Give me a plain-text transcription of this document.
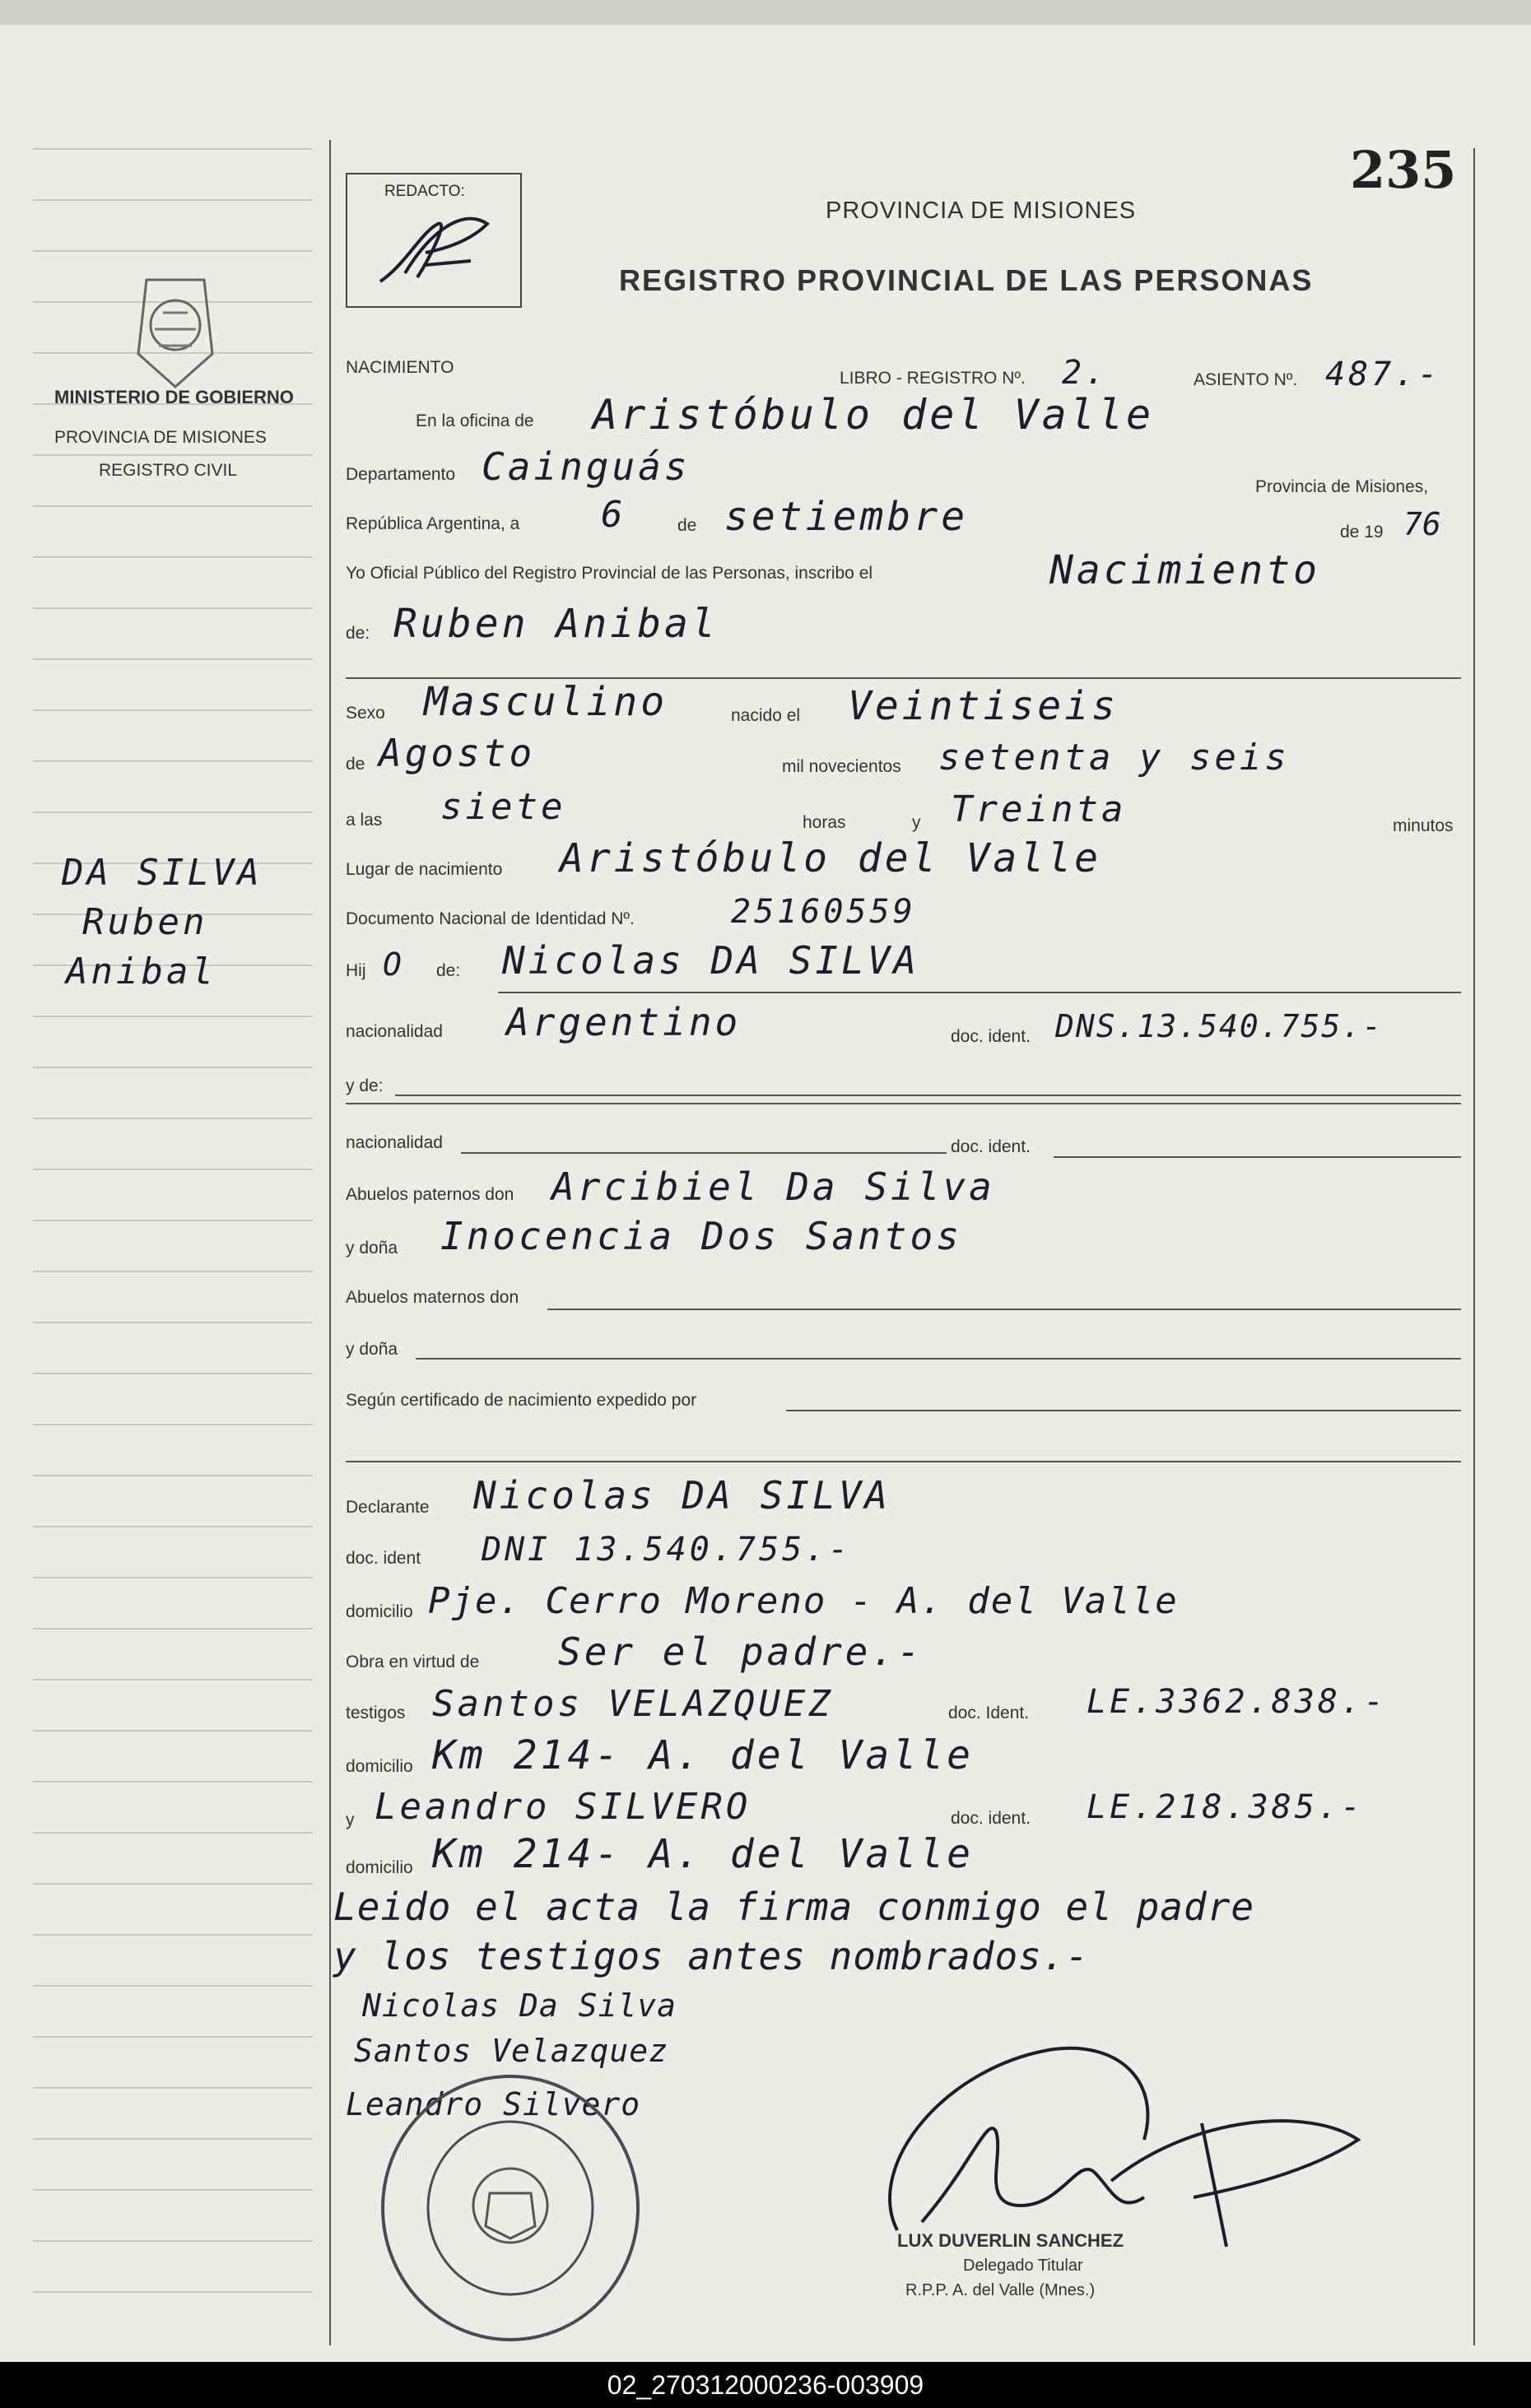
235
REDACTO:
PROVINCIA DE MISIONES
REGISTRO PROVINCIAL DE LAS PERSONAS
MINISTERIO DE GOBIERNO
PROVINCIA DE MISIONES
REGISTRO CIVIL
DA SILVA
Ruben
Anibal
NACIMIENTO
LIBRO - REGISTRO Nº. 2.	ASIENTO Nº. 487.-
En la oficina de Aristóbulo del Valle
Departamento Cainguás	Provincia de Misiones,
República Argentina, a 6	de setiembre	de 19 76
Yo Oficial Público del Registro Provincial de las Personas, inscribo el	Nacimiento
de: Ruben Anibal
Sexo Masculino	nacido el Veintiseis
de Agosto	mil novecientos setenta y seis
a las siete	horas	y Treinta	minutos
Lugar de nacimiento Aristóbulo del Valle
Documento Nacional de Identidad Nº.	25160559
Hij O de: Nicolas DA SILVA
nacionalidad Argentino	doc. ident. DNS.13.540.755.-
y de:
nacionalidad	doc. ident.
Abuelos paternos don Arcibiel Da Silva
y doña Inocencia Dos Santos
Abuelos maternos don
y doña
Según certificado de nacimiento expedido por
Declarante Nicolas DA SILVA
doc. ident DNI 13.540.755.-
domicilio Pje. Cerro Moreno - A. del Valle
Obra en virtud de Ser el padre.-
testigos Santos VELAZQUEZ	doc. Ident. LE.3362.838.-
domicilio Km 214- A. del Valle
y Leandro SILVERO	doc. ident. LE.218.385.-
domicilio Km 214- A. del Valle
Leido el acta la firma conmigo el padre
y los testigos antes nombrados.-
Nicolas Da Silva
Santos Velazquez
Leandro Silvero
LUX DUVERLIN SANCHEZ
Delegado Titular
R.P.P. A. del Valle (Mnes.)
02_270312000236-003909
